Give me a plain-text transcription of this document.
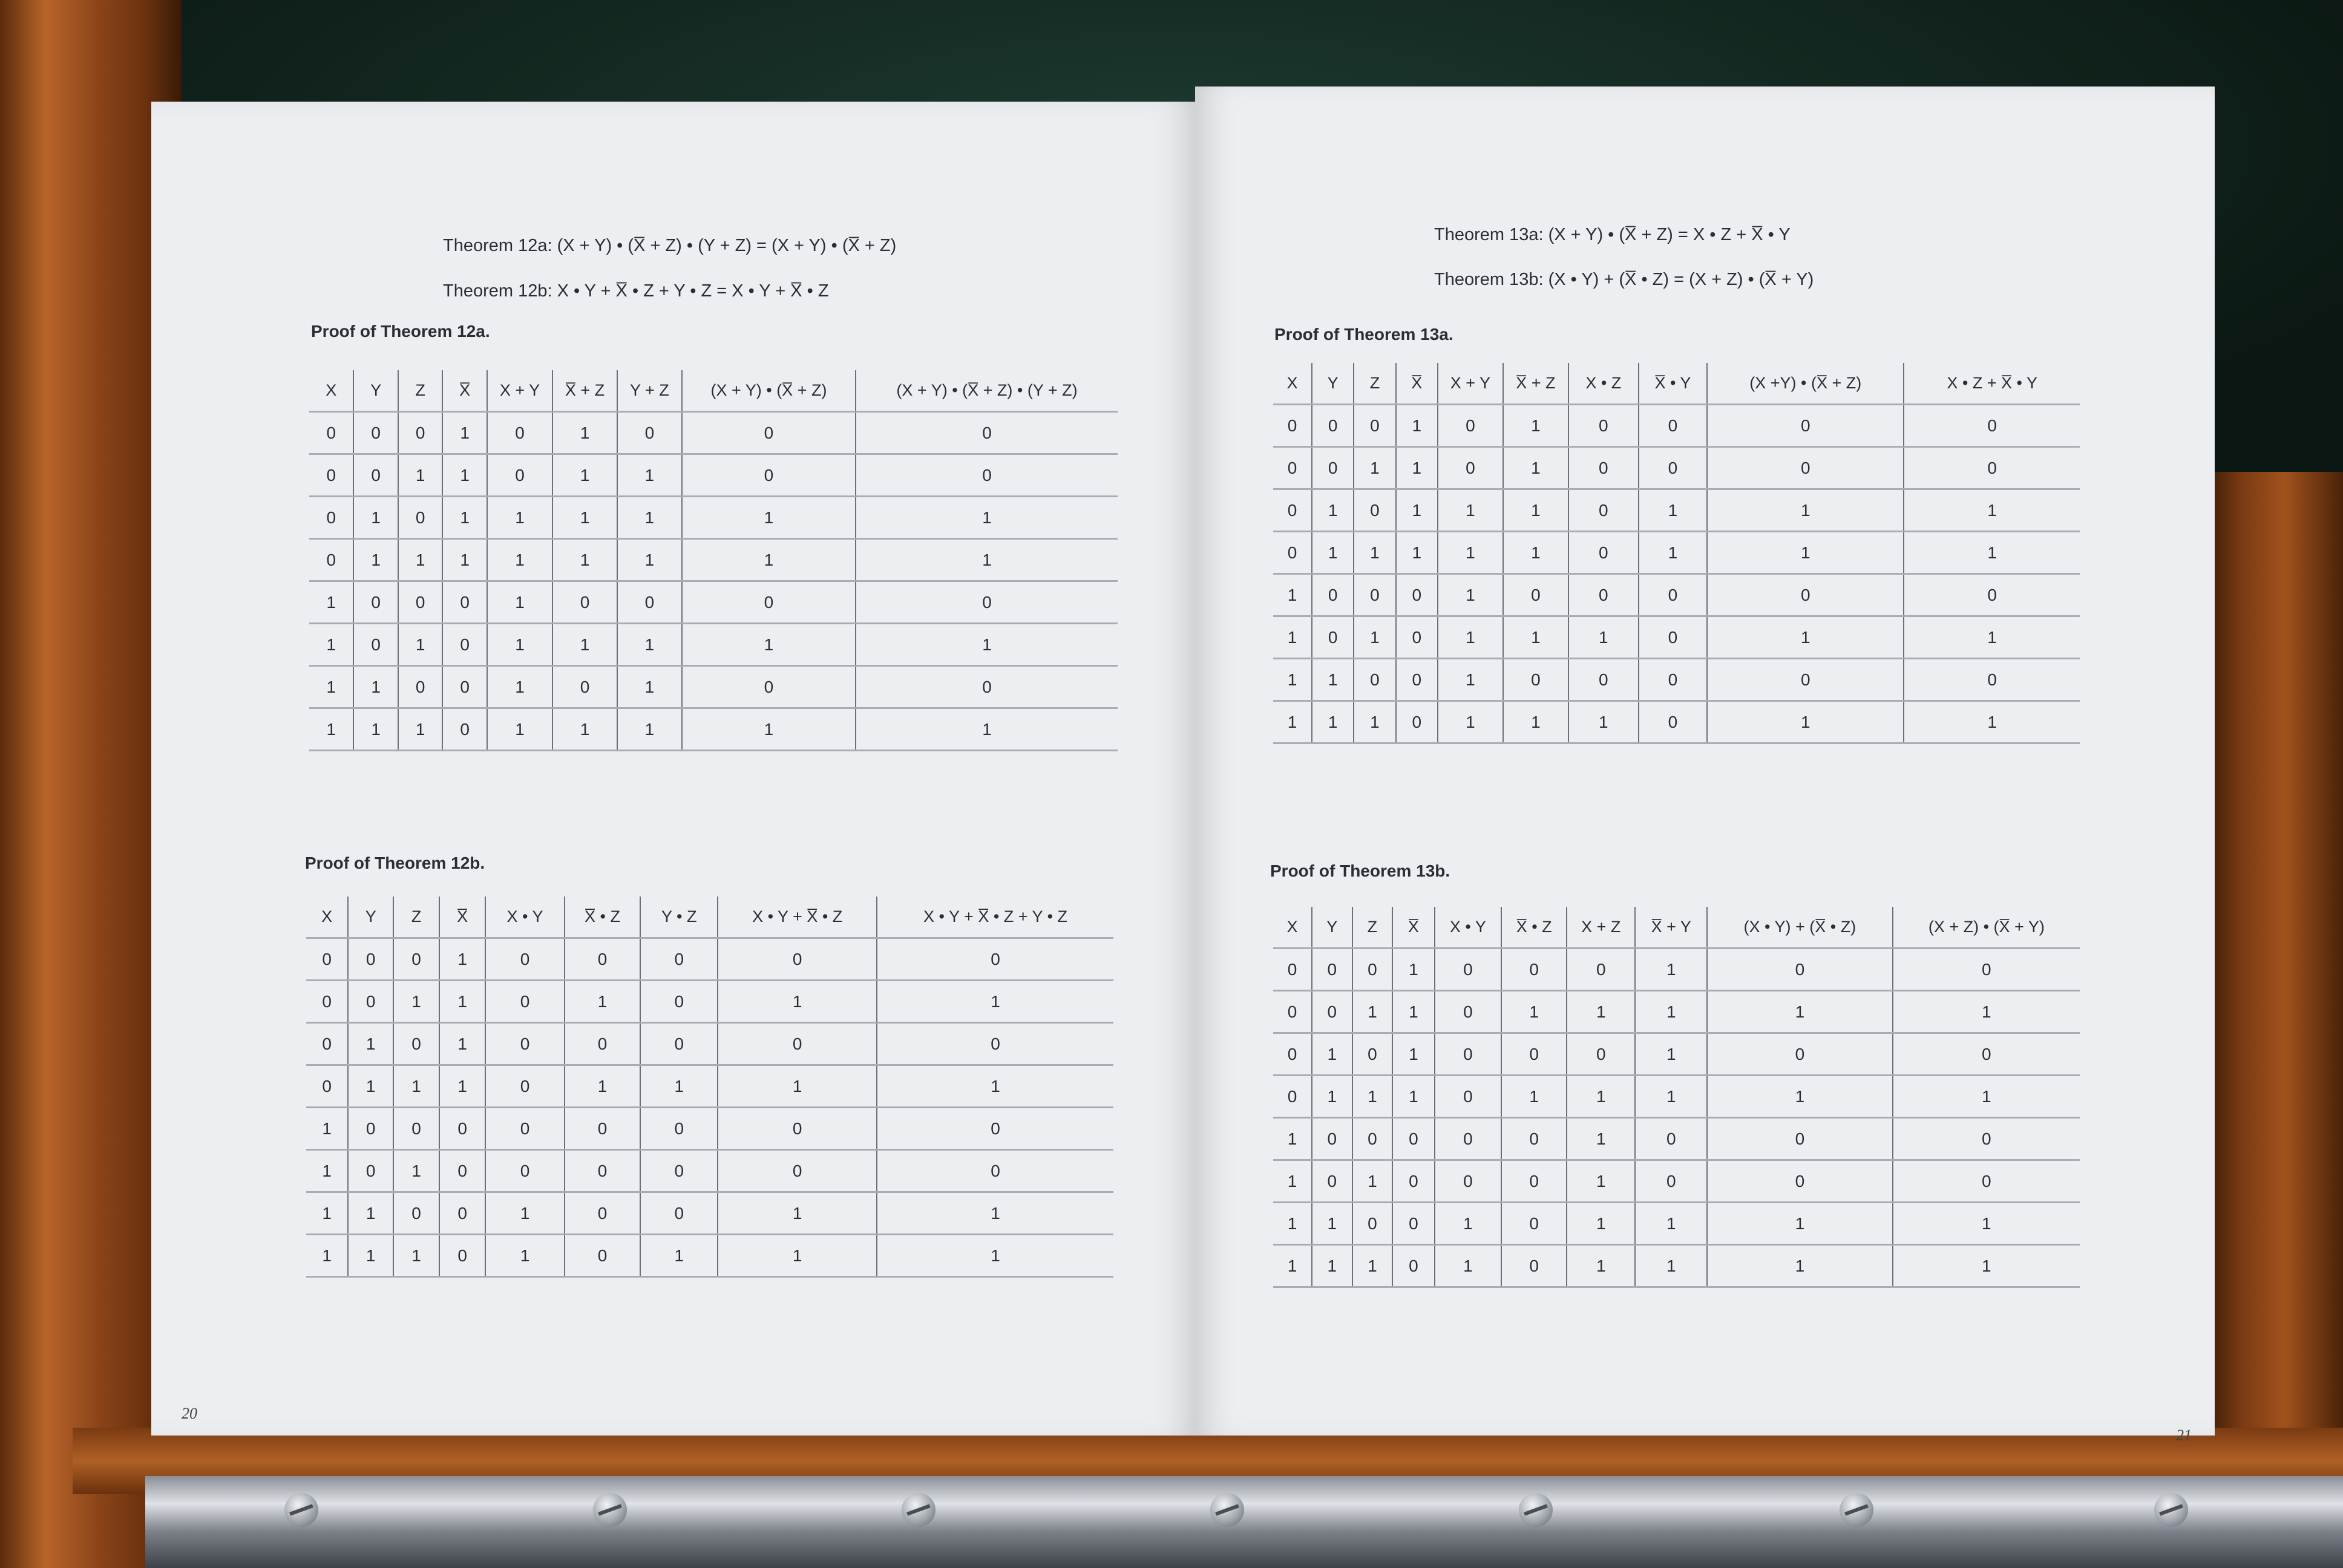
Theorem 12a: (X + Y) • (X̅ + Z) • (Y + Z) = (X + Y) • (X̅ + Z)
Theorem 12b: X • Y + X̅ • Z + Y • Z = X • Y + X̅ • Z
Proof of Theorem 12a.
X	Y	Z	X̅	X + Y	X̅ + Z	Y + Z	(X + Y) • (X̅ + Z)	(X + Y) • (X̅ + Z) • (Y + Z)
0	0	0	1	0	1	0	0	0
0	0	1	1	0	1	1	0	0
0	1	0	1	1	1	1	1	1
0	1	1	1	1	1	1	1	1
1	0	0	0	1	0	0	0	0
1	0	1	0	1	1	1	1	1
1	1	0	0	1	0	1	0	0
1	1	1	0	1	1	1	1	1
Proof of Theorem 12b.
X	Y	Z	X̅	X • Y	X̅ • Z	Y • Z	X • Y + X̅ • Z	X • Y + X̅ • Z + Y • Z
0	0	0	1	0	0	0	0	0
0	0	1	1	0	1	0	1	1
0	1	0	1	0	0	0	0	0
0	1	1	1	0	1	1	1	1
1	0	0	0	0	0	0	0	0
1	0	1	0	0	0	0	0	0
1	1	0	0	1	0	0	1	1
1	1	1	0	1	0	1	1	1
20
Theorem 13a: (X + Y) • (X̅ + Z) = X • Z + X̅ • Y
Theorem 13b: (X • Y) + (X̅ • Z) = (X + Z) • (X̅ + Y)
Proof of Theorem 13a.
X	Y	Z	X̅	X + Y	X̅ + Z	X • Z	X̅ • Y	(X +Y) • (X̅ + Z)	X • Z + X̅ • Y
0	0	0	1	0	1	0	0	0	0
0	0	1	1	0	1	0	0	0	0
0	1	0	1	1	1	0	1	1	1
0	1	1	1	1	1	0	1	1	1
1	0	0	0	1	0	0	0	0	0
1	0	1	0	1	1	1	0	1	1
1	1	0	0	1	0	0	0	0	0
1	1	1	0	1	1	1	0	1	1
Proof of Theorem 13b.
X	Y	Z	X̅	X • Y	X̅ • Z	X + Z	X̅ + Y	(X • Y) + (X̅ • Z)	(X + Z) • (X̅ + Y)
0	0	0	1	0	0	0	1	0	0
0	0	1	1	0	1	1	1	1	1
0	1	0	1	0	0	0	1	0	0
0	1	1	1	0	1	1	1	1	1
1	0	0	0	0	0	1	0	0	0
1	0	1	0	0	0	1	0	0	0
1	1	0	0	1	0	1	1	1	1
1	1	1	0	1	0	1	1	1	1
21
